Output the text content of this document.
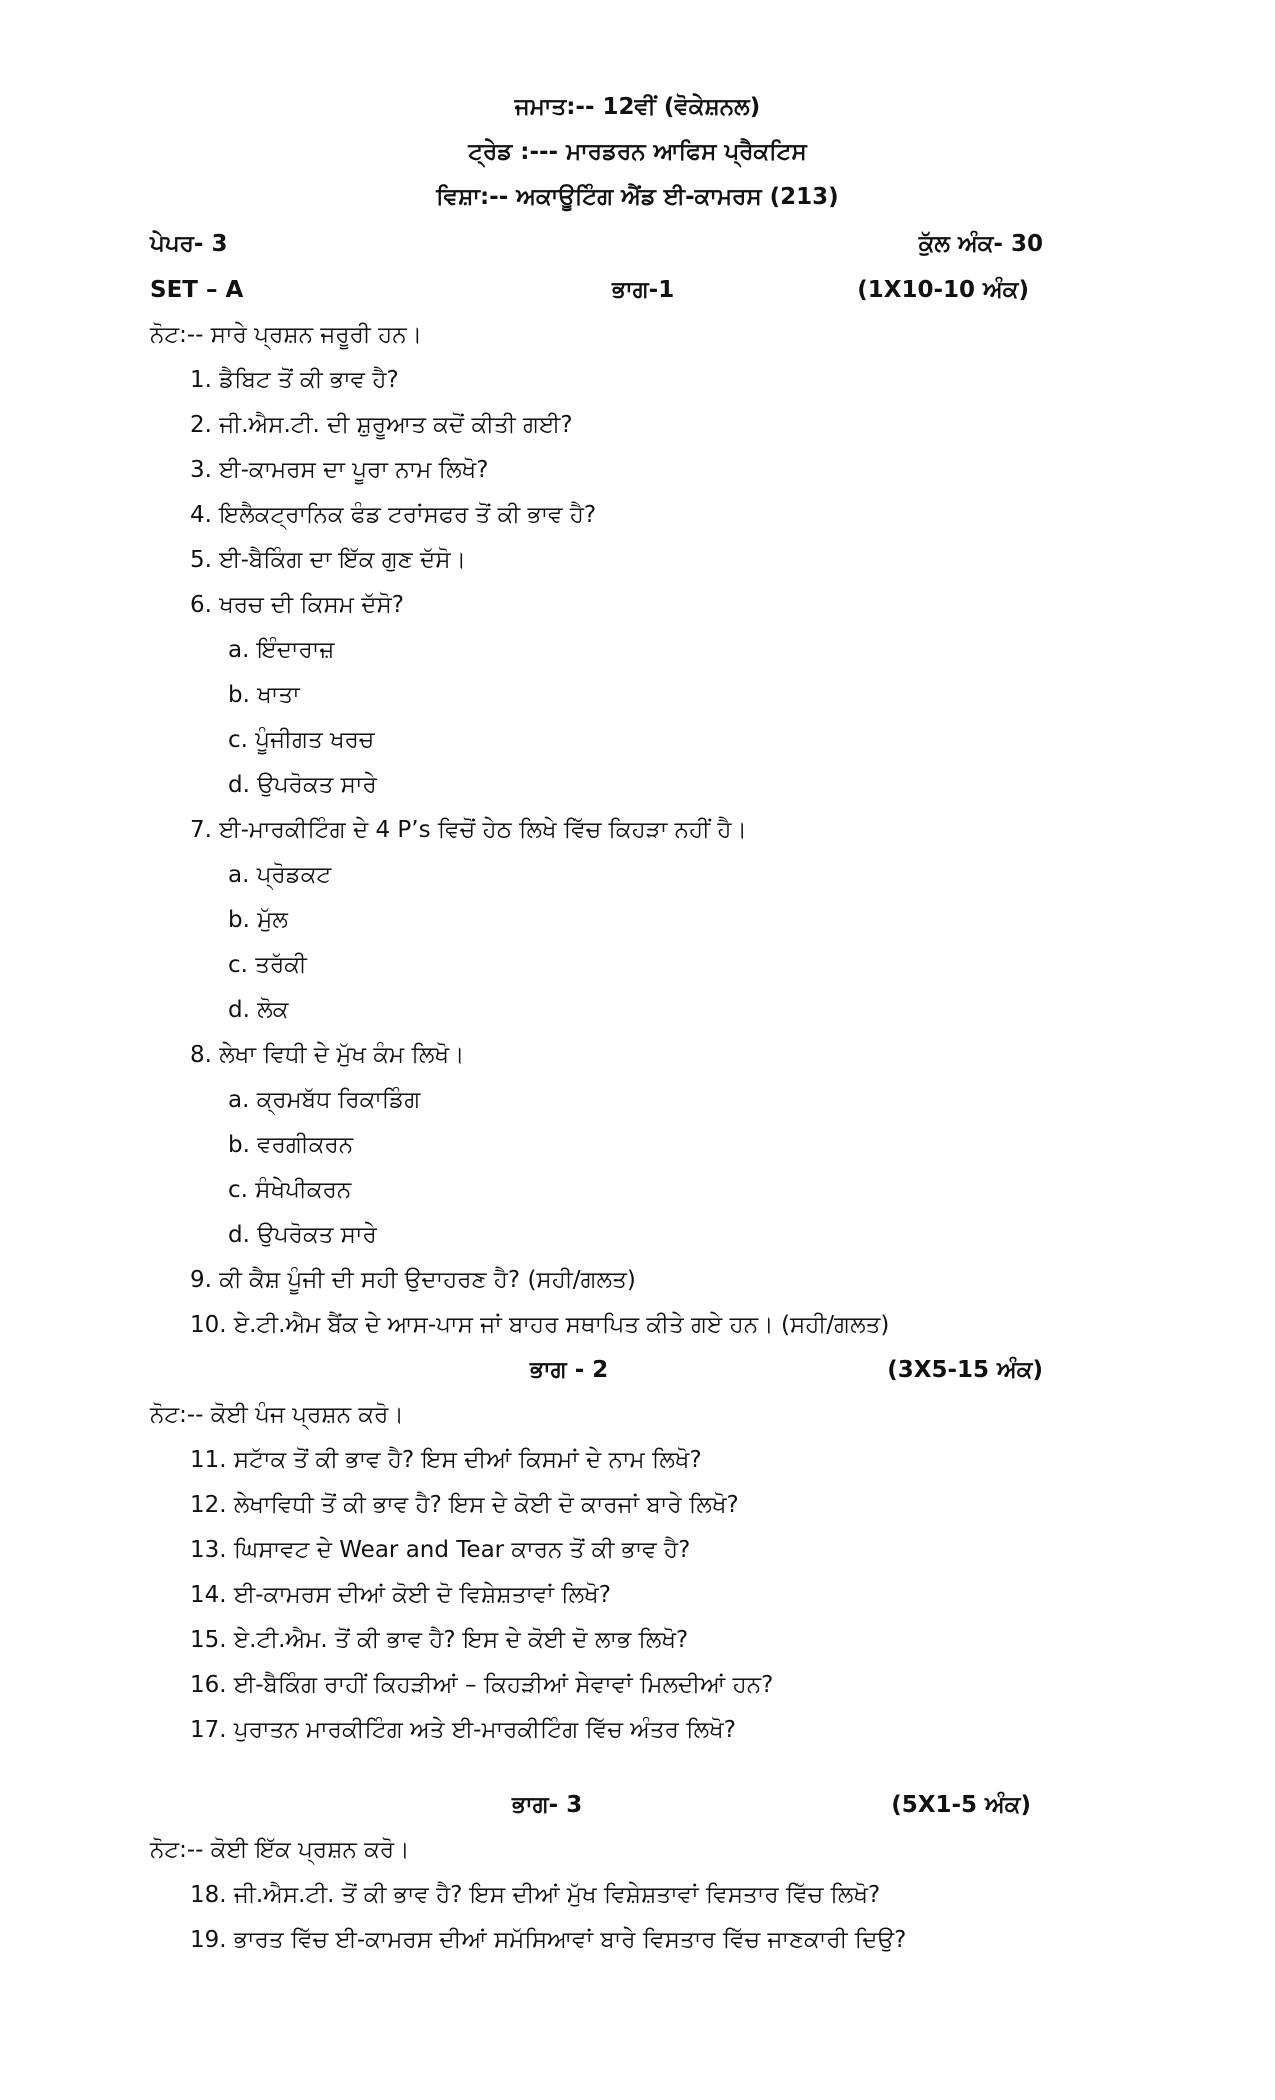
ਜਮਾਤ:-- 12ਵੀਂ (ਵੋਕੇਸ਼ਨਲ)
ਟ੍ਰੇਡ :--- ਮਾਰਡਰਨ ਆਫਿਸ ਪ੍ਰੈਕਟਿਸ
ਵਿਸ਼ਾ:-- ਅਕਾਊਟਿੰਗ ਐਂਡ ਈ-ਕਾਮਰਸ (213)
ਪੇਪਰ- 3	ਕੁੱਲ ਅੰਕ- 30
SET – A	ਭਾਗ-1	(1X10-10 ਅੰਕ)
ਨੋਟ:-- ਸਾਰੇ ਪ੍ਰਸ਼ਨ ਜਰੂਰੀ ਹਨ।
1. ਡੈਬਿਟ ਤੋਂ ਕੀ ਭਾਵ ਹੈ?
2. ਜੀ.ਐਸ.ਟੀ. ਦੀ ਸ਼ੁਰੂਆਤ ਕਦੋਂ ਕੀਤੀ ਗਈ?
3. ਈ-ਕਾਮਰਸ ਦਾ ਪੂਰਾ ਨਾਮ ਲਿਖੋ?
4. ਇਲੈਕਟ੍ਰਾਨਿਕ ਫੰਡ ਟਰਾਂਸਫਰ ਤੋਂ ਕੀ ਭਾਵ ਹੈ?
5. ਈ-ਬੈਕਿੰਗ ਦਾ ਇੱਕ ਗੁਣ ਦੱਸੋ।
6. ਖਰਚ ਦੀ ਕਿਸਮ ਦੱਸੋ?
a. ਇੰਦਾਰਾਜ਼
b. ਖਾਤਾ
c. ਪੂੰਜੀਗਤ ਖਰਚ
d. ਉਪਰੋਕਤ ਸਾਰੇ
7. ਈ-ਮਾਰਕੀਟਿੰਗ ਦੇ 4 P’s ਵਿਚੋਂ ਹੇਠ ਲਿਖੇ ਵਿੱਚ ਕਿਹੜਾ ਨਹੀਂ ਹੈ।
a. ਪ੍ਰੋਡਕਟ
b. ਮੁੱਲ
c. ਤਰੱਕੀ
d. ਲੋਕ
8. ਲੇਖਾ ਵਿਧੀ ਦੇ ਮੁੱਖ ਕੰਮ ਲਿਖੋ।
a. ਕ੍ਰਮਬੱਧ ਰਿਕਾਡਿੰਗ
b. ਵਰਗੀਕਰਨ
c. ਸੰਖੇਪੀਕਰਨ
d. ਉਪਰੋਕਤ ਸਾਰੇ
9. ਕੀ ਕੈਸ਼ ਪੂੰਜੀ ਦੀ ਸਹੀ ਉਦਾਹਰਣ ਹੈ? (ਸਹੀ/ਗਲਤ)
10. ਏ.ਟੀ.ਐਮ ਬੈਂਕ ਦੇ ਆਸ-ਪਾਸ ਜਾਂ ਬਾਹਰ ਸਥਾਪਿਤ ਕੀਤੇ ਗਏ ਹਨ। (ਸਹੀ/ਗਲਤ)
ਭਾਗ - 2	(3X5-15 ਅੰਕ)
ਨੋਟ:-- ਕੋਈ ਪੰਜ ਪ੍ਰਸ਼ਨ ਕਰੋ।
11. ਸਟਾੱਕ ਤੋਂ ਕੀ ਭਾਵ ਹੈ? ਇਸ ਦੀਆਂ ਕਿਸਮਾਂ ਦੇ ਨਾਮ ਲਿਖੋ?
12. ਲੇਖਾਵਿਧੀ ਤੋਂ ਕੀ ਭਾਵ ਹੈ? ਇਸ ਦੇ ਕੋਈ ਦੋ ਕਾਰਜਾਂ ਬਾਰੇ ਲਿਖੋ?
13. ਘਿਸਾਵਟ ਦੇ Wear and Tear ਕਾਰਨ ਤੋਂ ਕੀ ਭਾਵ ਹੈ?
14. ਈ-ਕਾਮਰਸ ਦੀਆਂ ਕੋਈ ਦੋ ਵਿਸ਼ੇਸ਼ਤਾਵਾਂ ਲਿਖੋ?
15. ਏ.ਟੀ.ਐਮ. ਤੋਂ ਕੀ ਭਾਵ ਹੈ? ਇਸ ਦੇ ਕੋਈ ਦੋ ਲਾਭ ਲਿਖੋ?
16. ਈ-ਬੈਕਿੰਗ ਰਾਹੀਂ ਕਿਹੜੀਆਂ – ਕਿਹੜੀਆਂ ਸੇਵਾਵਾਂ ਮਿਲਦੀਆਂ ਹਨ?
17. ਪੁਰਾਤਨ ਮਾਰਕੀਟਿੰਗ ਅਤੇ ਈ-ਮਾਰਕੀਟਿੰਗ ਵਿੱਚ ਅੰਤਰ ਲਿਖੋ?
ਭਾਗ- 3	(5X1-5 ਅੰਕ)
ਨੋਟ:-- ਕੋਈ ਇੱਕ ਪ੍ਰਸ਼ਨ ਕਰੋ।
18. ਜੀ.ਐਸ.ਟੀ. ਤੋਂ ਕੀ ਭਾਵ ਹੈ? ਇਸ ਦੀਆਂ ਮੁੱਖ ਵਿਸ਼ੇਸ਼ਤਾਵਾਂ ਵਿਸਤਾਰ ਵਿੱਚ ਲਿਖੋ?
19. ਭਾਰਤ ਵਿੱਚ ਈ-ਕਾਮਰਸ ਦੀਆਂ ਸਮੱਸਿਆਵਾਂ ਬਾਰੇ ਵਿਸਤਾਰ ਵਿੱਚ ਜਾਣਕਾਰੀ ਦਿਉ?
